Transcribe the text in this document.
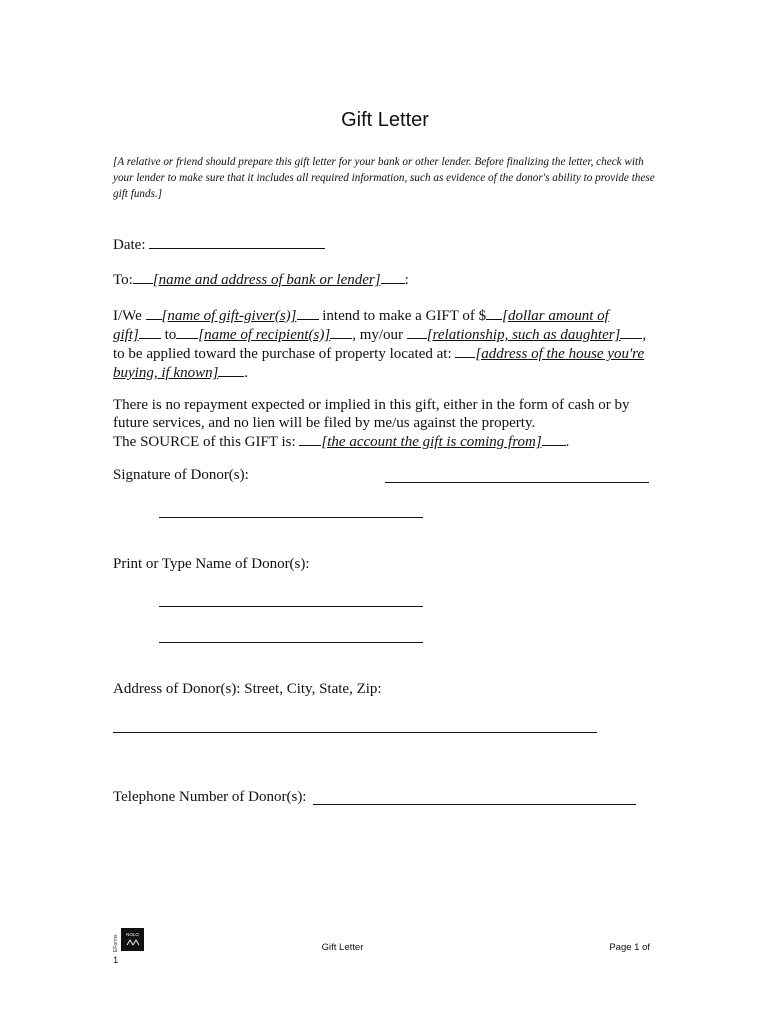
Gift Letter
[A relative or friend should prepare this gift letter for your bank or other lender. Before finalizing the letter, check with your lender to make sure that it includes all required information, such as evidence of the donor's ability to provide these gift funds.]
Date:
To: [name and address of bank or lender] :
I/We [name of gift-giver(s)] intend to make a GIFT of $ [dollar amount of
gift] to [name of recipient(s)] , my/our [relationship, such as daughter] ,
to be applied toward the purchase of property located at: [address of the house you're
buying, if known] .
There is no repayment expected or implied in this gift, either in the form of cash or by
future services, and no lien will be filed by me/us against the property.
The SOURCE of this GIFT is: [the account the gift is coming from] .
Signature of Donor(s):
Print or Type Name of Donor(s):
Address of Donor(s): Street, City, State, Zip:
Telephone Number of Donor(s):
EForms	NOLO
Gift Letter	Page 1 of
1
